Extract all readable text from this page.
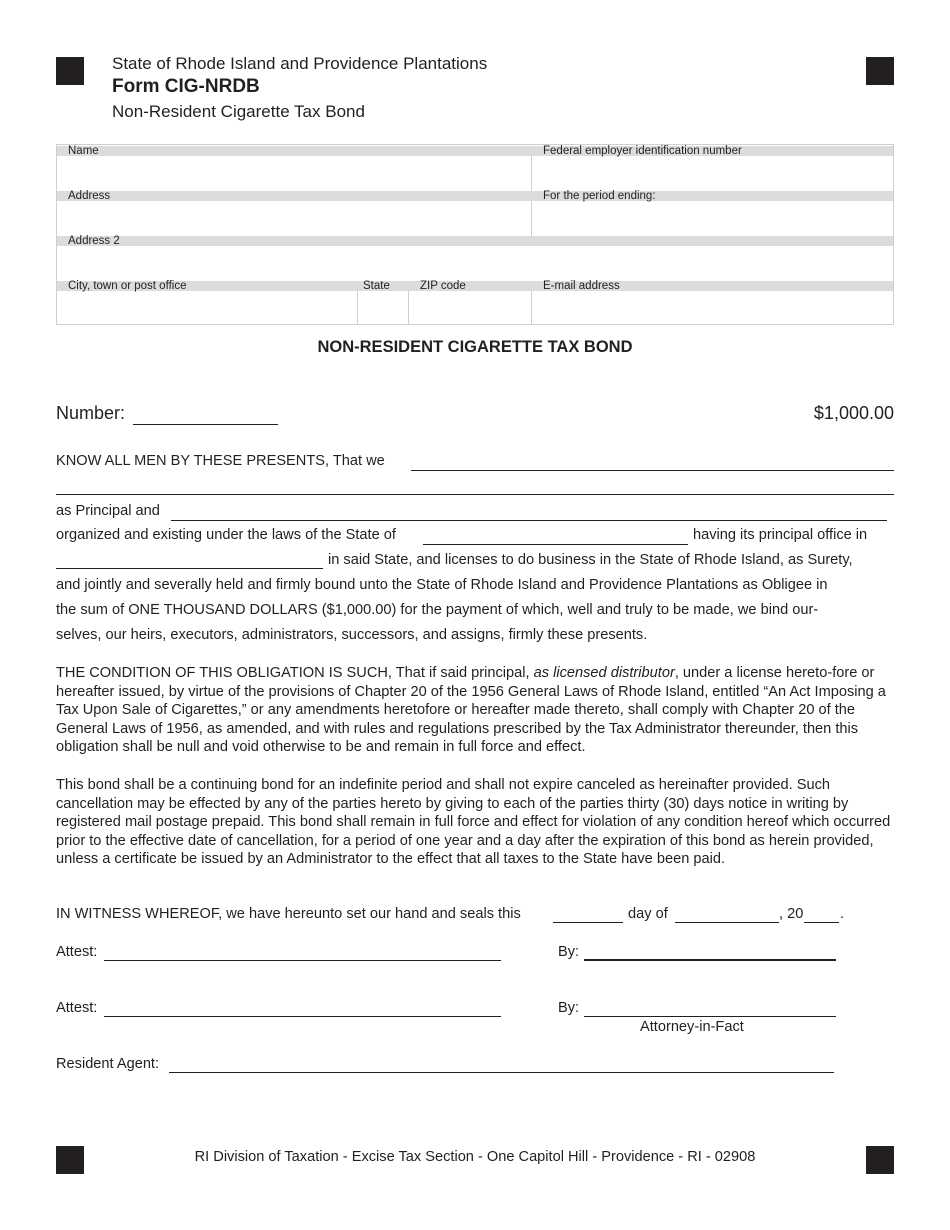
State of Rhode Island and Providence Plantations
Form CIG-NRDB
Non-Resident Cigarette Tax Bond
Name	Federal employer identification number
Address	For the period ending:
Address 2
City, town or post office	State	ZIP code	E-mail address
NON-RESIDENT CIGARETTE TAX BOND
Number:	$1,000.00
KNOW ALL MEN BY THESE PRESENTS, That we
as Principal and
organized and existing under the laws of the State of	having its principal office in
in said State, and licenses to do business in the State of Rhode Island, as Surety,
and jointly and severally held and firmly bound unto the State of Rhode Island and Providence Plantations as Obligee in
the sum of ONE THOUSAND DOLLARS ($1,000.00) for the payment of which, well and truly to be made, we bind our-
selves, our heirs, executors, administrators, successors, and assigns, firmly these presents.
THE CONDITION OF THIS OBLIGATION IS SUCH, That if said principal, as licensed distributor, under a license hereto-fore or hereafter issued, by virtue of the provisions of Chapter 20 of the 1956 General Laws of Rhode Island, entitled “An Act Imposing a Tax Upon Sale of Cigarettes,” or any amendments heretofore or hereafter made thereto, shall comply with Chapter 20 of the General Laws of 1956, as amended, and with rules and regulations prescribed by the Tax Administrator thereunder, then this obligation shall be null and void otherwise to be and remain in full force and effect.
This bond shall be a continuing bond for an indefinite period and shall not expire canceled as hereinafter provided. Such cancellation may be effected by any of the parties hereto by giving to each of the parties thirty (30) days notice in writing by registered mail postage prepaid. This bond shall remain in full force and effect for violation of any condition hereof which occurred prior to the effective date of cancellation, for a period of one year and a day after the expiration of this bond as herein provided, unless a certificate be issued by an Administrator to the effect that all taxes to the State have been paid.
IN WITNESS WHEREOF, we have hereunto set our hand and seals this	day of	, 20	.
Attest:	By:
Attest:	By:
Attorney-in-Fact
Resident Agent:
RI Division of Taxation - Excise Tax Section - One Capitol Hill - Providence - RI - 02908
